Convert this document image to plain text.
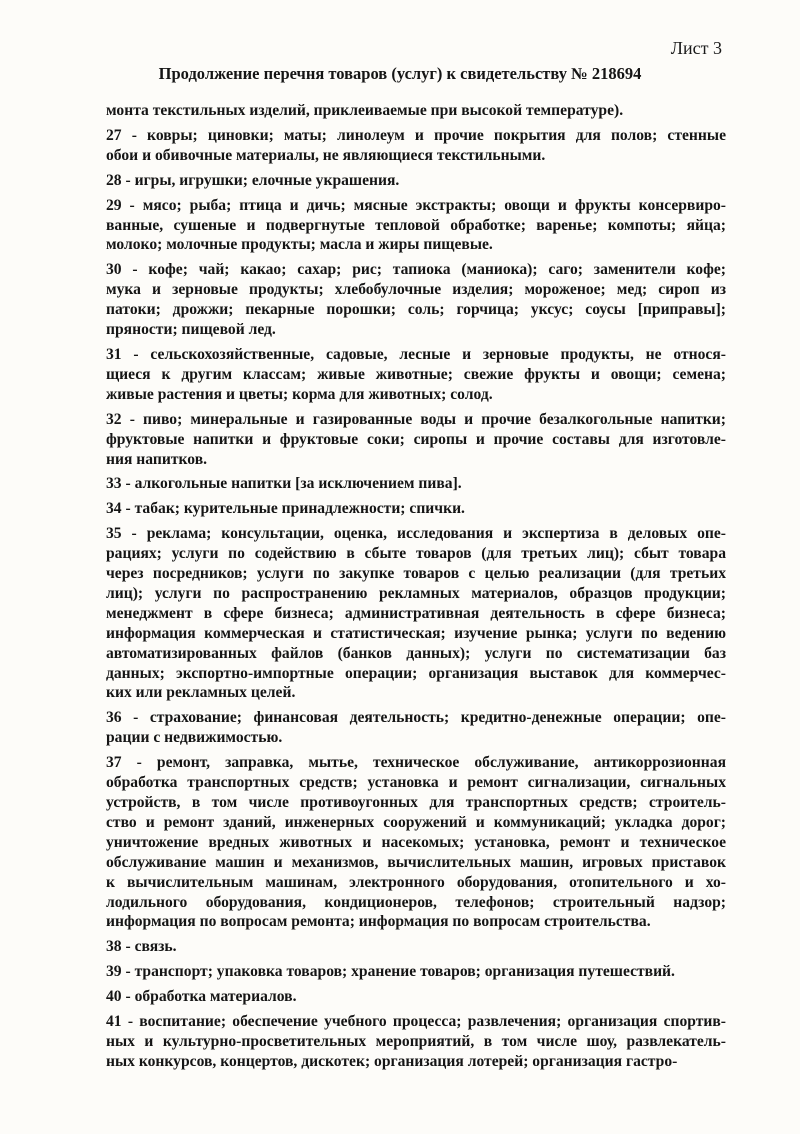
Лист 3
Продолжение перечня товаров (услуг) к свидетельству № 218694
монта текстильных изделий, приклеиваемые при высокой температуре).
27 - ковры; циновки; маты; линолеум и прочие покрытия для полов; стенные
обои и обивочные материалы, не являющиеся текстильными.
28 - игры, игрушки; елочные украшения.
29 - мясо; рыба; птица и дичь; мясные экстракты; овощи и фрукты консервиро-
ванные, сушеные и подвергнутые тепловой обработке; варенье; компоты; яйца;
молоко; молочные продукты; масла и жиры пищевые.
30 - кофе; чай; какао; сахар; рис; тапиока (маниока); саго; заменители кофе;
мука и зерновые продукты; хлебобулочные изделия; мороженое; мед; сироп из
патоки; дрожжи; пекарные порошки; соль; горчица; уксус; соусы [приправы];
пряности; пищевой лед.
31 - сельскохозяйственные, садовые, лесные и зерновые продукты, не относя-
щиеся к другим классам; живые животные; свежие фрукты и овощи; семена;
живые растения и цветы; корма для животных; солод.
32 - пиво; минеральные и газированные воды и прочие безалкогольные напитки;
фруктовые напитки и фруктовые соки; сиропы и прочие составы для изготовле-
ния напитков.
33 - алкогольные напитки [за исключением пива].
34 - табак; курительные принадлежности; спички.
35 - реклама; консультации, оценка, исследования и экспертиза в деловых опе-
рациях; услуги по содействию в сбыте товаров (для третьих лиц); сбыт товара
через посредников; услуги по закупке товаров с целью реализации (для третьих
лиц); услуги по распространению рекламных материалов, образцов продукции;
менеджмент в сфере бизнеса; административная деятельность в сфере бизнеса;
информация коммерческая и статистическая; изучение рынка; услуги по ведению
автоматизированных файлов (банков данных); услуги по систематизации баз
данных; экспортно-импортные операции; организация выставок для коммерчес-
ких или рекламных целей.
36 - страхование; финансовая деятельность; кредитно-денежные операции; опе-
рации с недвижимостью.
37 - ремонт, заправка, мытье, техническое обслуживание, антикоррозионная
обработка транспортных средств; установка и ремонт сигнализации, сигнальных
устройств, в том числе противоугонных для транспортных средств; строитель-
ство и ремонт зданий, инженерных сооружений и коммуникаций; укладка дорог;
уничтожение вредных животных и насекомых; установка, ремонт и техническое
обслуживание машин и механизмов, вычислительных машин, игровых приставок
к вычислительным машинам, электронного оборудования, отопительного и хо-
лодильного оборудования, кондиционеров, телефонов; строительный надзор;
информация по вопросам ремонта; информация по вопросам строительства.
38 - связь.
39 - транспорт; упаковка товаров; хранение товаров; организация путешествий.
40 - обработка материалов.
41 - воспитание; обеспечение учебного процесса; развлечения; организация спортив-
ных и культурно-просветительных мероприятий, в том числе шоу, развлекатель-
ных конкурсов, концертов, дискотек; организация лотерей; организация гастро-
